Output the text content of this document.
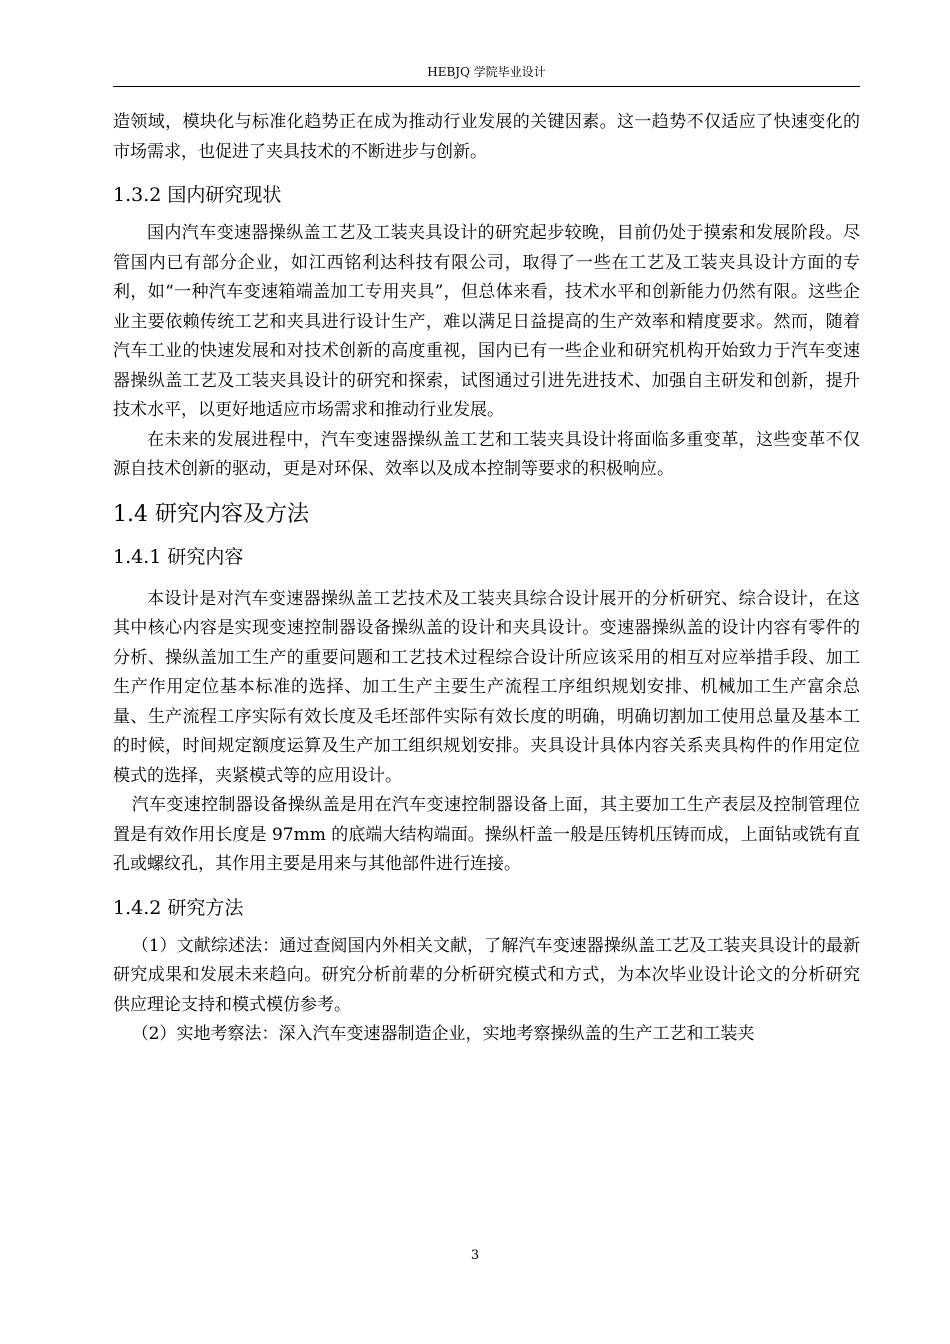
HEBJQ 学院毕业设计

造领域，模块化与标准化趋势正在成为推动行业发展的关键因素。这一趋势不仅适应了快速变化的市场需求，也促进了夹具技术的不断进步与创新。

1.3.2 国内研究现状

国内汽车变速器操纵盖工艺及工装夹具设计的研究起步较晚，目前仍处于摸索和发展阶段。尽管国内已有部分企业，如江西铭利达科技有限公司，取得了一些在工艺及工装夹具设计方面的专利，如“一种汽车变速箱端盖加工专用夹具”，但总体来看，技术水平和创新能力仍然有限。这些企业主要依赖传统工艺和夹具进行设计生产，难以满足日益提高的生产效率和精度要求。然而，随着汽车工业的快速发展和对技术创新的高度重视，国内已有一些企业和研究机构开始致力于汽车变速器操纵盖工艺及工装夹具设计的研究和探索，试图通过引进先进技术、加强自主研发和创新，提升技术水平，以更好地适应市场需求和推动行业发展。

在未来的发展进程中，汽车变速器操纵盖工艺和工装夹具设计将面临多重变革，这些变革不仅源自技术创新的驱动，更是对环保、效率以及成本控制等要求的积极响应。

1.4 研究内容及方法
1.4.1 研究内容

本设计是对汽车变速器操纵盖工艺技术及工装夹具综合设计展开的分析研究、综合设计，在这其中核心内容是实现变速控制器设备操纵盖的设计和夹具设计。变速器操纵盖的设计内容有零件的分析、操纵盖加工生产的重要问题和工艺技术过程综合设计所应该采用的相互对应举措手段、加工生产作用定位基本标准的选择、加工生产主要生产流程工序组织规划安排、机械加工生产富余总量、生产流程工序实际有效长度及毛坯部件实际有效长度的明确，明确切割加工使用总量及基本工的时候，时间规定额度运算及生产加工组织规划安排。夹具设计具体内容关系夹具构件的作用定位模式的选择，夹紧模式等的应用设计。

汽车变速控制器设备操纵盖是用在汽车变速控制器设备上面，其主要加工生产表层及控制管理位置是有效作用长度是 97mm 的底端大结构端面。操纵杆盖一般是压铸机压铸而成，上面钻或铣有直孔或螺纹孔，其作用主要是用来与其他部件进行连接。

1.4.2 研究方法

（1）文献综述法：通过查阅国内外相关文献，了解汽车变速器操纵盖工艺及工装夹具设计的最新研究成果和发展未来趋向。研究分析前辈的分析研究模式和方式，为本次毕业设计论文的分析研究供应理论支持和模式模仿参考。

（2）实地考察法：深入汽车变速器制造企业，实地考察操纵盖的生产工艺和工装夹

3
